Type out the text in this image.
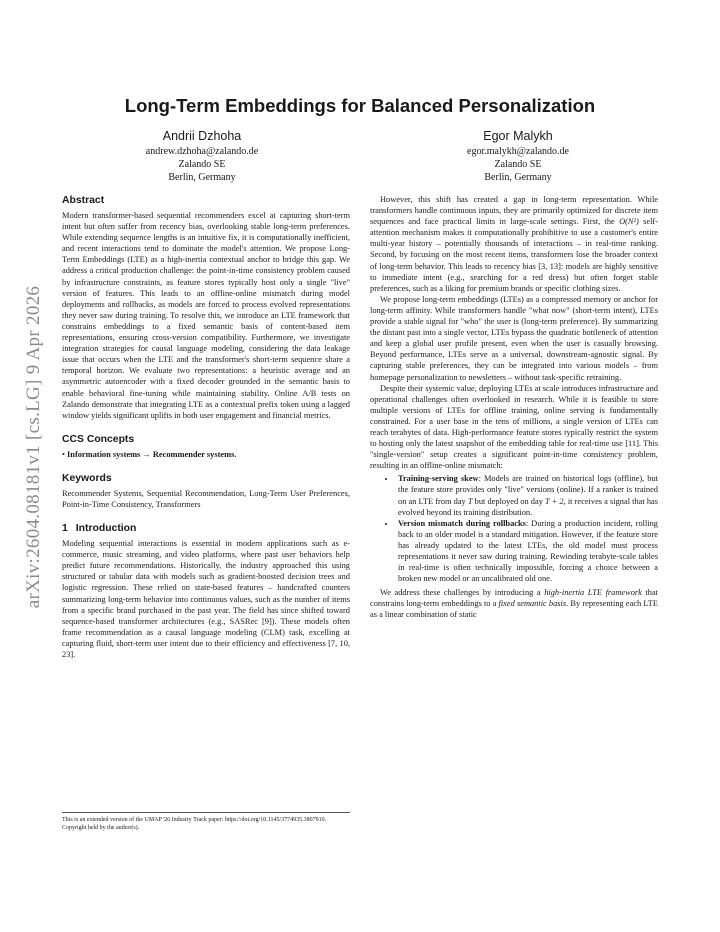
arXiv:2604.08181v1 [cs.LG] 9 Apr 2026
Long-Term Embeddings for Balanced Personalization
Andrii Dzhoha
andrew.dzhoha@zalando.de
Zalando SE
Berlin, Germany
Egor Malykh
egor.malykh@zalando.de
Zalando SE
Berlin, Germany
Abstract

Modern transformer-based sequential recommenders excel at capturing short-term intent but often suffer from recency bias, overlooking stable long-term preferences. While extending sequence lengths is an intuitive fix, it is computationally inefficient, and recent interactions tend to dominate the model's attention. We propose Long-Term Embeddings (LTE) as a high-inertia contextual anchor to bridge this gap. We address a critical production challenge: the point-in-time consistency problem caused by infrastructure constraints, as feature stores typically host only a single "live" version of features. This leads to an offline-online mismatch during model deployments and rollbacks, as models are forced to process evolved representations they never saw during training. To resolve this, we introduce an LTE framework that constrains embeddings to a fixed semantic basis of content-based item representations, ensuring cross-version compatibility. Furthermore, we investigate integration strategies for causal language modeling, considering the data leakage issue that occurs when the LTE and the transformer's short-term sequence share a temporal horizon. We evaluate two representations: a heuristic average and an asymmetric autoencoder with a fixed decoder grounded in the semantic basis to enable behavioral fine-tuning while maintaining stability. Online A/B tests on Zalando demonstrate that integrating LTE as a contextual prefix token using a lagged window yields significant uplifts in both user engagement and financial metrics.

CCS Concepts

• Information systems → Recommender systems.

Keywords

Recommender Systems, Sequential Recommendation, Long-Term User Preferences, Point-in-Time Consistency, Transformers

1 Introduction

Modeling sequential interactions is essential in modern applications such as e-commerce, music streaming, and video platforms, where past user behaviors help predict future recommendations. Historically, the industry approached this using structured or tabular data with models such as gradient-boosted decision trees and logistic regression. These relied on state-based features – handcrafted counters summarizing long-term behavior into continuous values, such as the number of items from a specific brand purchased in the past year. The field has since shifted toward sequence-based transformer architectures (e.g., SASRec [9]). These models often frame recommendation as a causal language modeling (CLM) task, excelling at capturing fluid, short-term user intent due to their efficiency and effectiveness [7, 10, 23].

However, this shift has created a gap in long-term representation. While transformers handle continuous inputs, they are primarily optimized for discrete item sequences and face practical limits in large-scale settings. First, the O(N²) self-attention mechanism makes it computationally prohibitive to use a customer's entire multi-year history – potentially thousands of interactions – in real-time ranking. Second, by focusing on the most recent items, transformers lose the broader context of long-term behavior. This leads to recency bias [3, 13]: models are highly sensitive to immediate intent (e.g., searching for a red dress) but often forget stable preferences, such as a liking for premium brands or specific clothing sizes.

We propose long-term embeddings (LTEs) as a compressed memory or anchor for long-term affinity. While transformers handle "what now" (short-term intent), LTEs provide a stable signal for "who" the user is (long-term preference). By summarizing the distant past into a single vector, LTEs bypass the quadratic bottleneck of attention and keep a global user profile present, even when the user is casually browsing. Beyond performance, LTEs serve as a universal, downstream-agnostic signal. By capturing stable preferences, they can be integrated into various models – from homepage personalization to newsletters – without task-specific retraining.

Despite their systemic value, deploying LTEs at scale introduces infrastructure and operational challenges often overlooked in research. While it is feasible to store multiple versions of LTEs for offline training, online serving is fundamentally constrained. For a user base in the tens of millions, a single version of LTEs can reach terabytes of data. High-performance feature stores typically restrict the system to hosting only the latest snapshot of the embedding table for real-time use [11]. This "single-version" setup creates a significant point-in-time consistency problem, resulting in an offline-online mismatch:

• Training-serving skew: Models are trained on historical logs (offline), but the feature store provides only "live" versions (online). If a ranker is trained on an LTE from day T but deployed on day T + 2, it receives a signal that has evolved beyond its training distribution.
• Version mismatch during rollbacks: During a production incident, rolling back to an older model is a standard mitigation. However, if the feature store has already updated to the latest LTEs, the old model must process representations it never saw during training. Rewinding terabyte-scale tables in real-time is often technically impossible, forcing a choice between a broken new model or an uncalibrated old one.

We address these challenges by introducing a high-inertia LTE framework that constrains long-term embeddings to a fixed semantic basis. By representing each LTE as a linear combination of static

This is an extended version of the UMAP '26 Industry Track paper: https://doi.org/10.1145/3774935.3807910. Copyright held by the author(s).
